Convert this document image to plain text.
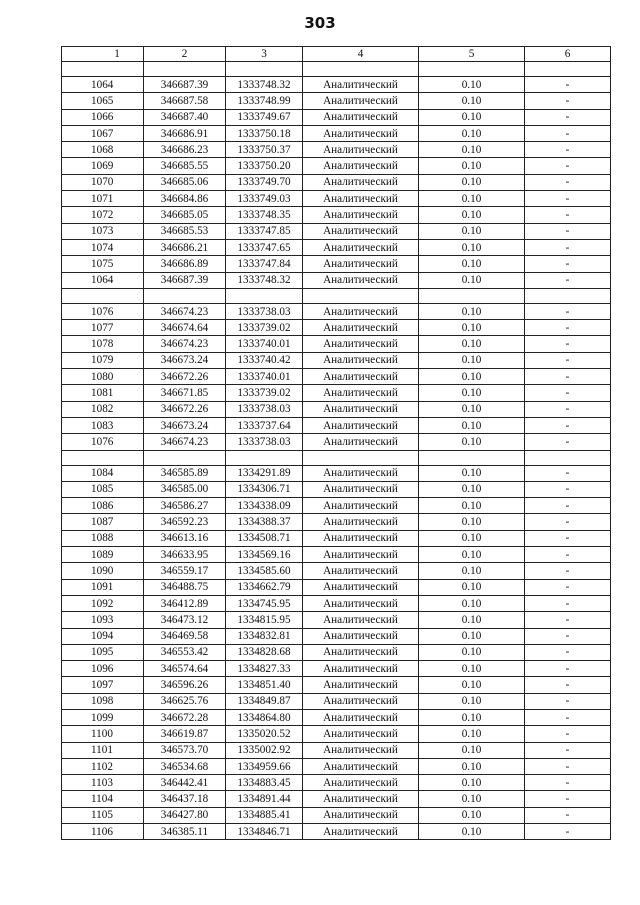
303
1	2	3	4	5	6

1064	346687.39	1333748.32	Аналитический	0.10	-
1065	346687.58	1333748.99	Аналитический	0.10	-
1066	346687.40	1333749.67	Аналитический	0.10	-
1067	346686.91	1333750.18	Аналитический	0.10	-
1068	346686.23	1333750.37	Аналитический	0.10	-
1069	346685.55	1333750.20	Аналитический	0.10	-
1070	346685.06	1333749.70	Аналитический	0.10	-
1071	346684.86	1333749.03	Аналитический	0.10	-
1072	346685.05	1333748.35	Аналитический	0.10	-
1073	346685.53	1333747.85	Аналитический	0.10	-
1074	346686.21	1333747.65	Аналитический	0.10	-
1075	346686.89	1333747.84	Аналитический	0.10	-
1064	346687.39	1333748.32	Аналитический	0.10	-

1076	346674.23	1333738.03	Аналитический	0.10	-
1077	346674.64	1333739.02	Аналитический	0.10	-
1078	346674.23	1333740.01	Аналитический	0.10	-
1079	346673.24	1333740.42	Аналитический	0.10	-
1080	346672.26	1333740.01	Аналитический	0.10	-
1081	346671.85	1333739.02	Аналитический	0.10	-
1082	346672.26	1333738.03	Аналитический	0.10	-
1083	346673.24	1333737.64	Аналитический	0.10	-
1076	346674.23	1333738.03	Аналитический	0.10	-

1084	346585.89	1334291.89	Аналитический	0.10	-
1085	346585.00	1334306.71	Аналитический	0.10	-
1086	346586.27	1334338.09	Аналитический	0.10	-
1087	346592.23	1334388.37	Аналитический	0.10	-
1088	346613.16	1334508.71	Аналитический	0.10	-
1089	346633.95	1334569.16	Аналитический	0.10	-
1090	346559.17	1334585.60	Аналитический	0.10	-
1091	346488.75	1334662.79	Аналитический	0.10	-
1092	346412.89	1334745.95	Аналитический	0.10	-
1093	346473.12	1334815.95	Аналитический	0.10	-
1094	346469.58	1334832.81	Аналитический	0.10	-
1095	346553.42	1334828.68	Аналитический	0.10	-
1096	346574.64	1334827.33	Аналитический	0.10	-
1097	346596.26	1334851.40	Аналитический	0.10	-
1098	346625.76	1334849.87	Аналитический	0.10	-
1099	346672.28	1334864.80	Аналитический	0.10	-
1100	346619.87	1335020.52	Аналитический	0.10	-
1101	346573.70	1335002.92	Аналитический	0.10	-
1102	346534.68	1334959.66	Аналитический	0.10	-
1103	346442.41	1334883.45	Аналитический	0.10	-
1104	346437.18	1334891.44	Аналитический	0.10	-
1105	346427.80	1334885.41	Аналитический	0.10	-
1106	346385.11	1334846.71	Аналитический	0.10	-
